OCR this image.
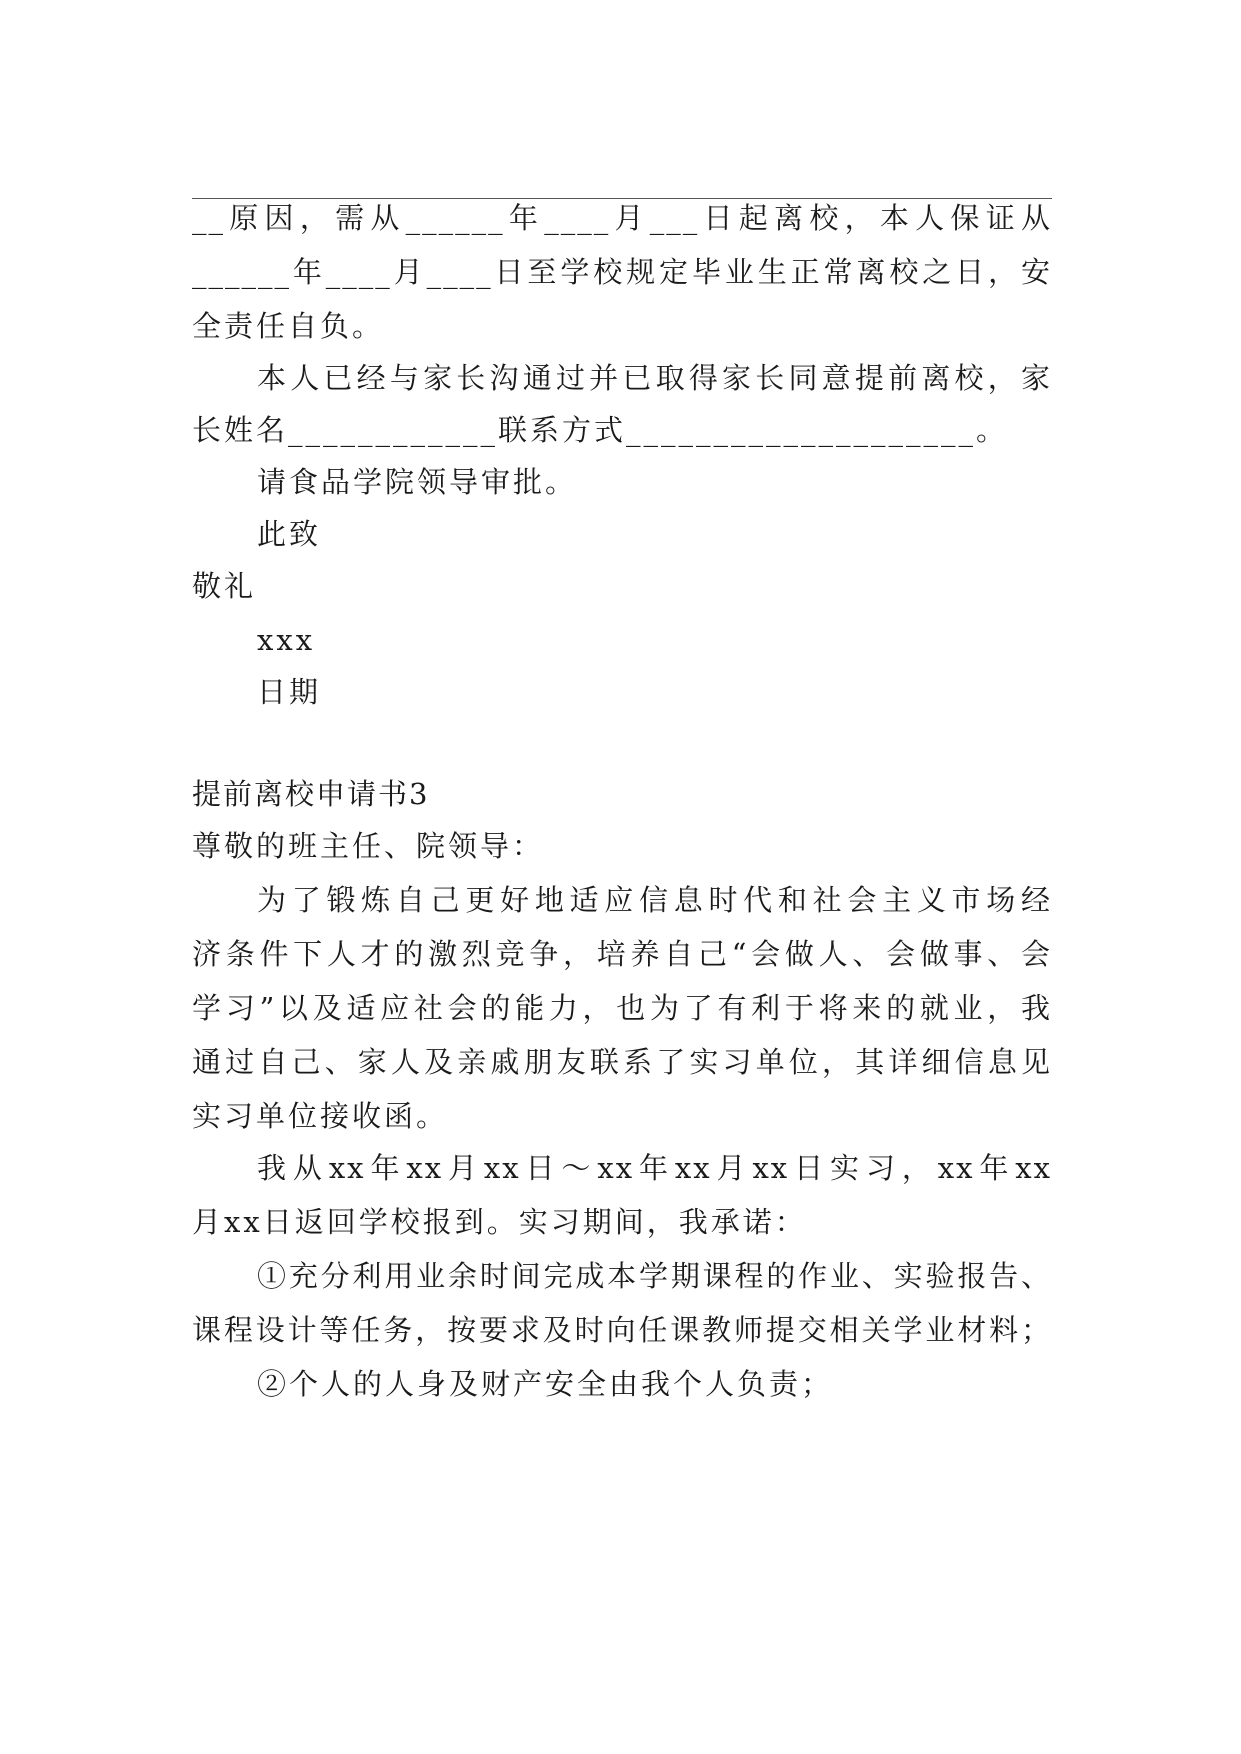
__原因，需从______年____月___日起离校，本人保证从
______年____月____日至学校规定毕业生正常离校之日，安
全责任自负。
本人已经与家长沟通过并已取得家长同意提前离校，家
长姓名____________联系方式____________________。
请食品学院领导审批。
此致
敬礼
xxx
日期
提前离校申请书3
尊敬的班主任、院领导：
为了锻炼自己更好地适应信息时代和社会主义市场经
济条件下人才的激烈竞争，培养自己“会做人、会做事、会
学习”以及适应社会的能力，也为了有利于将来的就业，我
通过自己、家人及亲戚朋友联系了实习单位，其详细信息见
实习单位接收函。
我从xx年xx月xx日～xx年xx月xx日实习，xx年xx
月xx日返回学校报到。实习期间，我承诺：
①充分利用业余时间完成本学期课程的作业、实验报告、
课程设计等任务，按要求及时向任课教师提交相关学业材料；
②个人的人身及财产安全由我个人负责；
